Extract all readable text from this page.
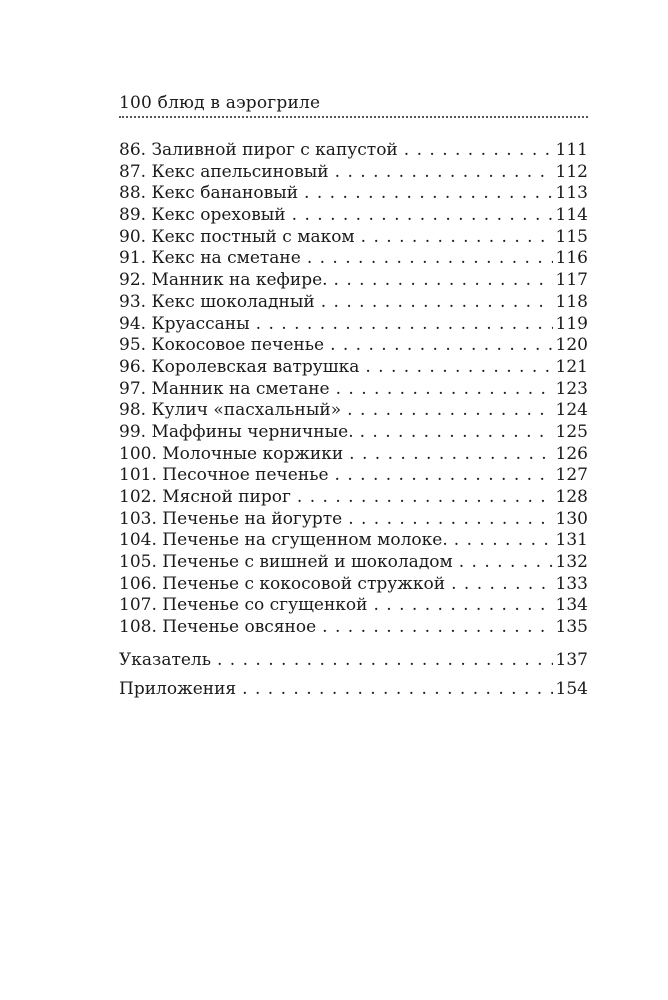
100 блюд в аэрогриле
86. Заливной пирог с капустой . . .	111
87. Кекс апельсиновый . . .	112
88. Кекс банановый . . .	113
89. Кекс ореховый . . .	114
90. Кекс постный с маком . . .	115
91. Кекс на сметане . . .	116
92. Манник на кефире. . . .	117
93. Кекс шоколадный . . .	118
94. Круассаны . . .	119
95. Кокосовое печенье . . .	120
96. Королевская ватрушка . . .	121
97. Манник на сметане . . .	123
98. Кулич «пасхальный» . . .	124
99. Маффины черничные. . . .	125
100. Молочные коржики . . .	126
101. Песочное печенье . . .	127
102. Мясной пирог . . .	128
103. Печенье на йогурте . . .	130
104. Печенье на сгущенном молоке. . . .	131
105. Печенье с вишней и шоколадом . . .	132
106. Печенье с кокосовой стружкой . . .	133
107. Печенье со сгущенкой . . .	134
108. Печенье овсяное . . .	135
Указатель . . .	137
Приложения . . .	154
